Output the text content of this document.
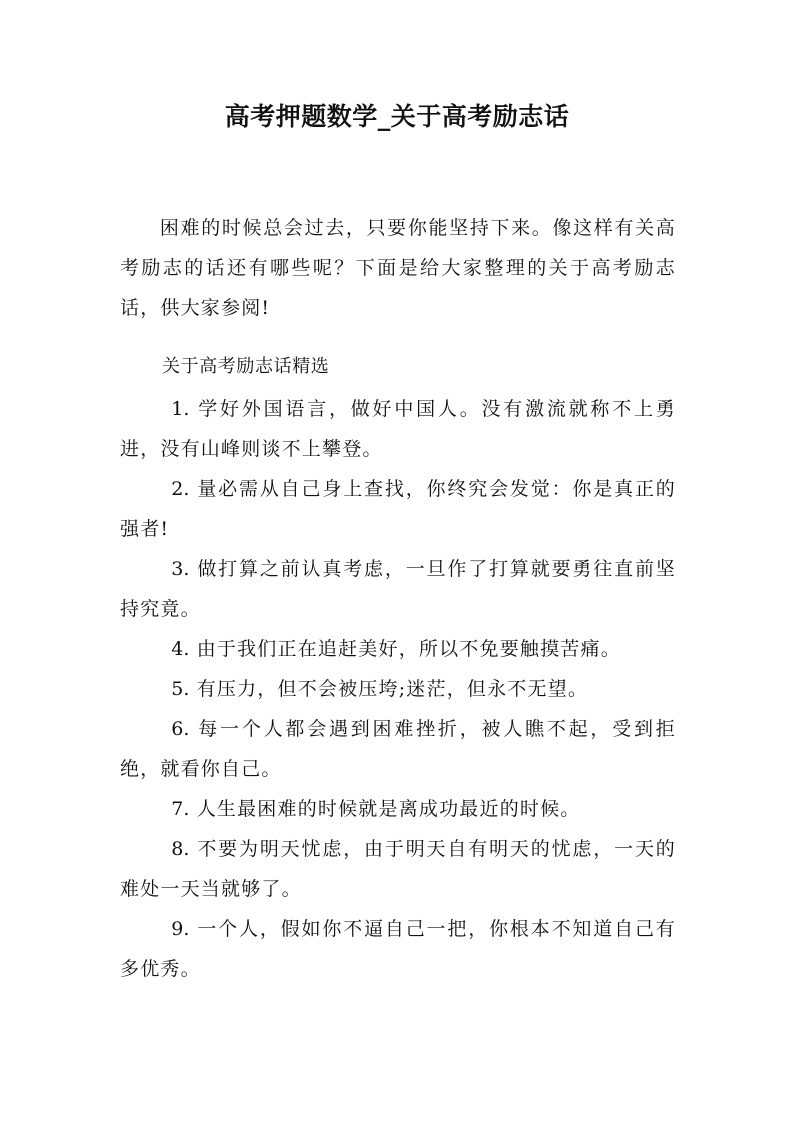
高考押题数学_关于高考励志话

困难的时候总会过去，只要你能坚持下来。像这样有关高考励志的话还有哪些呢？下面是给大家整理的关于高考励志话，供大家参阅!

关于高考励志话精选

1. 学好外国语言，做好中国人。没有激流就称不上勇进，没有山峰则谈不上攀登。

2. 量必需从自己身上查找，你终究会发觉：你是真正的强者!

3. 做打算之前认真考虑，一旦作了打算就要勇往直前坚持究竟。

4. 由于我们正在追赶美好，所以不免要触摸苦痛。

5. 有压力，但不会被压垮;迷茫，但永不无望。

6. 每一个人都会遇到困难挫折，被人瞧不起，受到拒绝，就看你自己。

7. 人生最困难的时候就是离成功最近的时候。

8. 不要为明天忧虑，由于明天自有明天的忧虑，一天的难处一天当就够了。

9. 一个人，假如你不逼自己一把，你根本不知道自己有多优秀。
